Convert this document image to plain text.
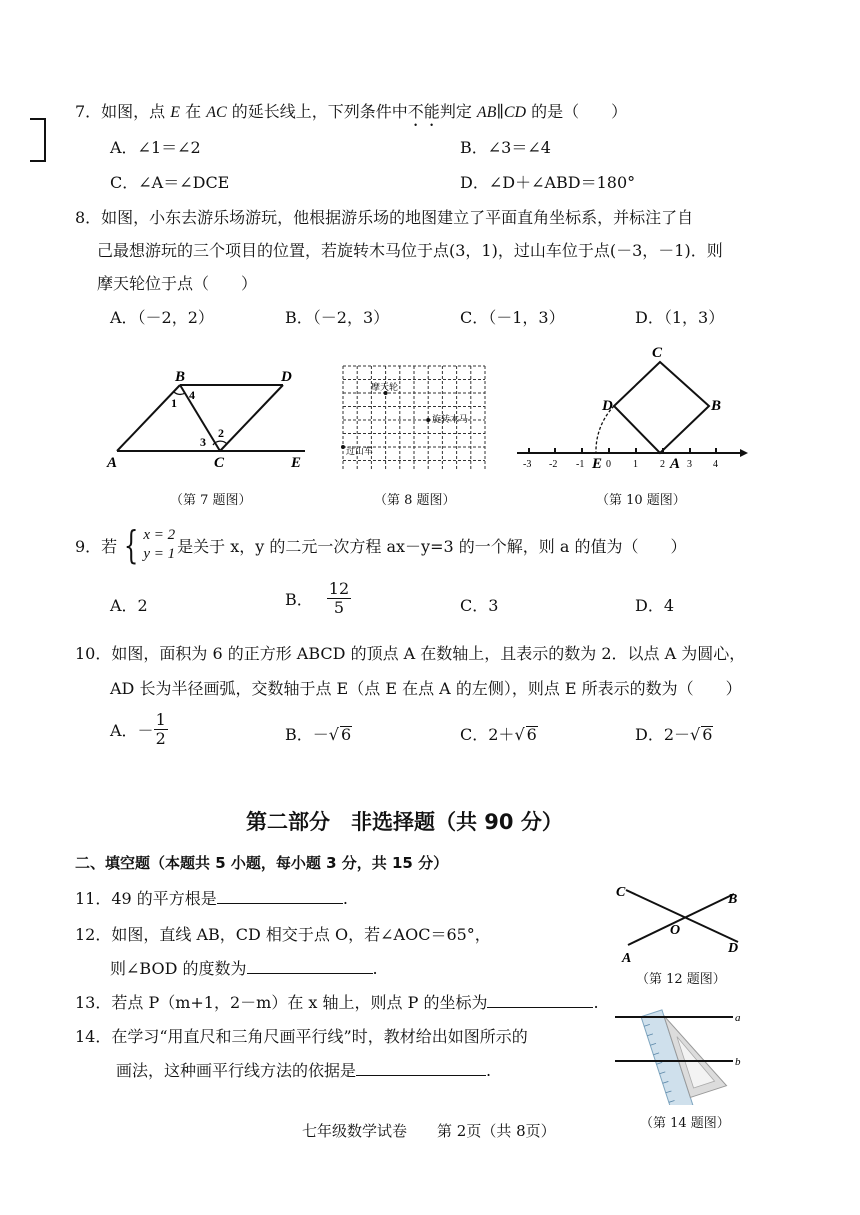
7．如图，点 E 在 AC 的延长线上，下列条件中不能判定 AB∥CD 的是（　　）
A．∠1＝∠2	B．∠3＝∠4
C．∠A＝∠DCE	D．∠D＋∠ABD＝180°
8．如图，小东去游乐场游玩，他根据游乐场的地图建立了平面直角坐标系，并标注了自
己最想游玩的三个项目的位置，若旋转木马位于点(3，1)，过山车位于点(－3，－1)．则
摩天轮位于点（　　）
A．（－2，2）	B．（－2，3）	C．（－1，3）	D．（1，3）
B	D
A	C	E
1
4
3
2
（第 7 题图）
摩天轮
旋转木马
过山车
（第 8 题图）
C
D	B
E	A
-3 -2 -1 0 1 2 3 4
（第 10 题图）
9．若 { x = 2
y = 1 是关于 x，y 的二元一次方程 ax－y=3 的一个解，则 a 的值为（　　）
A．2	B． $\frac{12}{5}$	C．3	D．4
10．如图，面积为 6 的正方形 ABCD 的顶点 A 在数轴上，且表示的数为 2．以点 A 为圆心，
AD 长为半径画弧，交数轴于点 E（点 E 在点 A 的左侧），则点 E 所表示的数为（　　）
A．－ $\frac{1}{2}$	B．－√ 6	C．2＋√ 6	D．2－√ 6
第二部分　非选择题（共 90 分）
二、填空题（本题共 5 小题，每小题 3 分，共 15 分）
11．49 的平方根是	.
12．如图，直线 AB，CD 相交于点 O，若∠AOC＝65°，
则∠BOD 的度数为	.
13．若点 P（m+1，2－m）在 x 轴上，则点 P 的坐标为	.
14．在学习“用直尺和三角尺画平行线”时，教材给出如图所示的
画法，这种画平行线方法的依据是	.
C	B
O
A
D
（第 12 题图）
a
b
（第 14 题图）
七年级数学试卷　　第 2页（共 8页）
